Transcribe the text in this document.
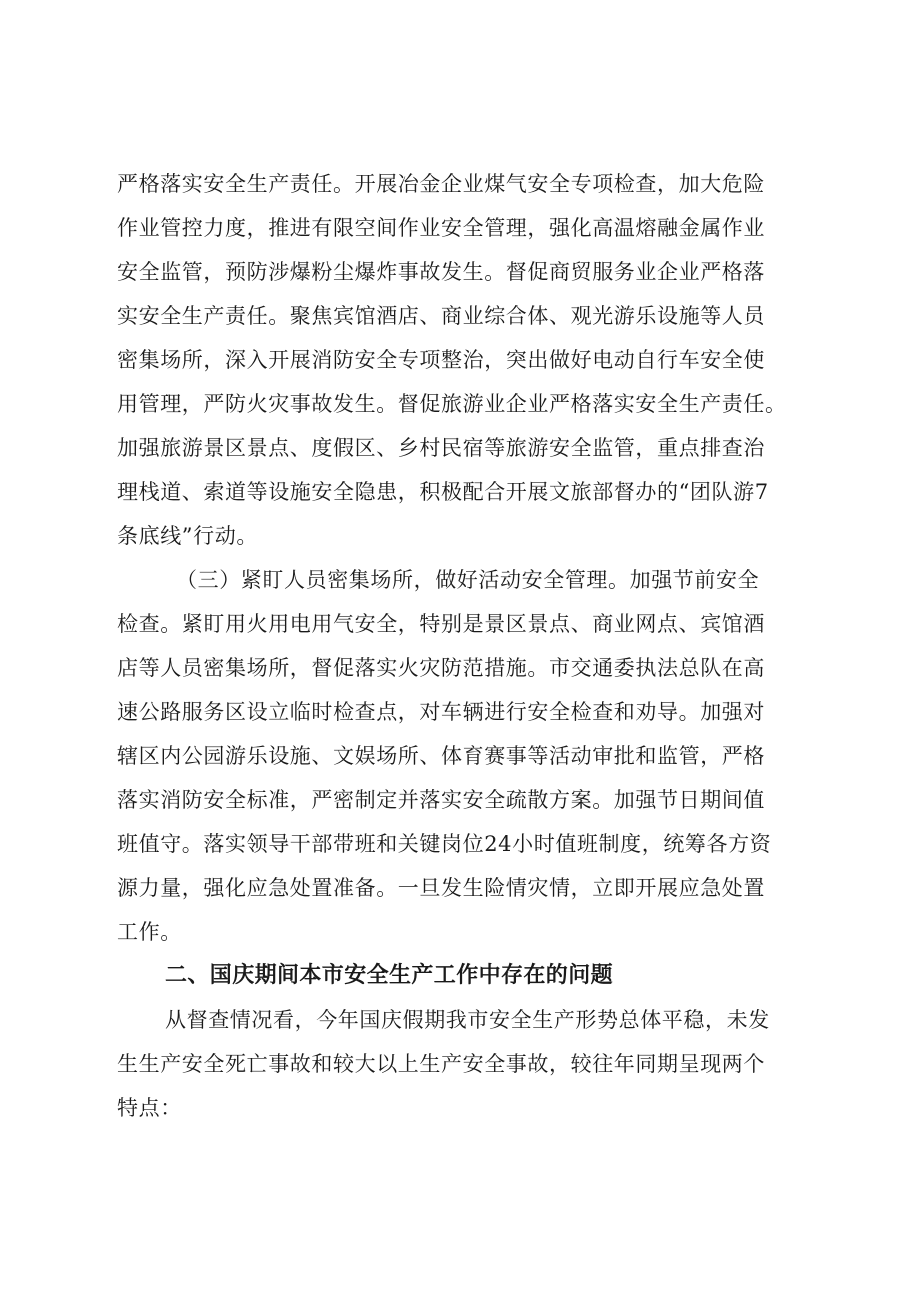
严格落实安全生产责任。开展冶金企业煤气安全专项检查，加大危险
作业管控力度，推进有限空间作业安全管理，强化高温熔融金属作业
安全监管，预防涉爆粉尘爆炸事故发生。督促商贸服务业企业严格落
实安全生产责任。聚焦宾馆酒店、商业综合体、观光游乐设施等人员
密集场所，深入开展消防安全专项整治，突出做好电动自行车安全使
用管理，严防火灾事故发生。督促旅游业企业严格落实安全生产责任。
加强旅游景区景点、度假区、乡村民宿等旅游安全监管，重点排查治
理栈道、索道等设施安全隐患，积极配合开展文旅部督办的“团队游7
条底线”行动。
（三）紧盯人员密集场所，做好活动安全管理。加强节前安全
检查。紧盯用火用电用气安全，特别是景区景点、商业网点、宾馆酒
店等人员密集场所，督促落实火灾防范措施。市交通委执法总队在高
速公路服务区设立临时检查点，对车辆进行安全检查和劝导。加强对
辖区内公园游乐设施、文娱场所、体育赛事等活动审批和监管，严格
落实消防安全标准，严密制定并落实安全疏散方案。加强节日期间值
班值守。落实领导干部带班和关键岗位24小时值班制度，统筹各方资
源力量，强化应急处置准备。一旦发生险情灾情，立即开展应急处置
工作。
二、国庆期间本市安全生产工作中存在的问题
从督查情况看，今年国庆假期我市安全生产形势总体平稳，未发
生生产安全死亡事故和较大以上生产安全事故，较往年同期呈现两个
特点：
